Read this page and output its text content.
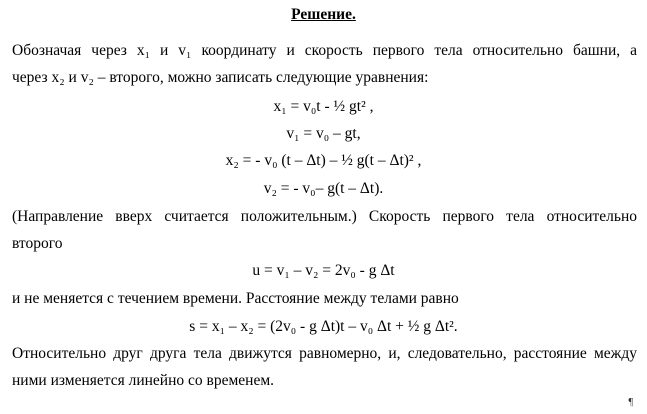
Решение.
Обозначая через x₁ и v₁ координату и скорость первого тела относительно башни, а
через x₂ и v₂ – второго, можно записать следующие уравнения:
x₁ = v₀t - ½ gt² ,
v₁ = v₀ – gt,
x₂ = - v₀ (t – Δt) – ½ g(t – Δt)² ,
v₂ = - v₀– g(t – Δt).
(Направление вверх считается положительным.) Скорость первого тела относительно
второго
u = v₁ – v₂ = 2v₀ - g Δt
и не меняется с течением времени. Расстояние между телами равно
s = x₁ – x₂ = (2v₀ - g Δt)t – v₀ Δt + ½ g Δt².
Относительно друг друга тела движутся равномерно, и, следовательно, расстояние между
ними изменяется линейно со временем.
¶
